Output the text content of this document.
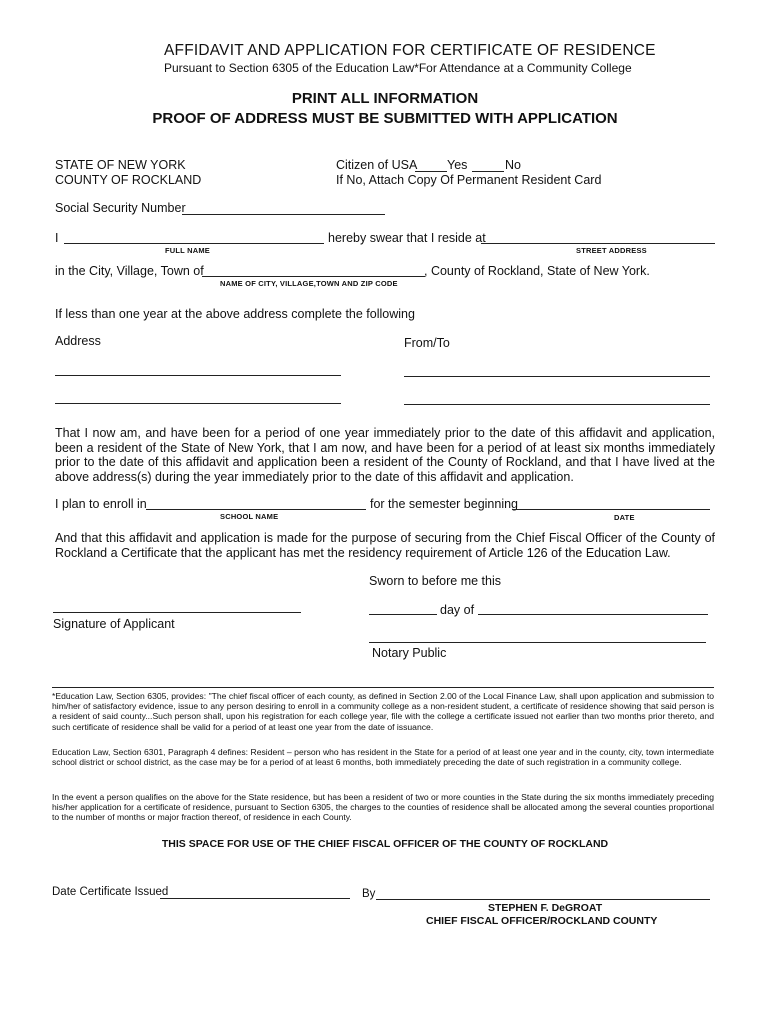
AFFIDAVIT AND APPLICATION FOR CERTIFICATE OF RESIDENCE
Pursuant to Section 6305 of the Education Law*For Attendance at a Community College
PRINT ALL INFORMATION
PROOF OF ADDRESS MUST BE SUBMITTED WITH APPLICATION
STATE OF NEW YORK
COUNTY OF ROCKLAND
Citizen of USA Yes	No
If No, Attach Copy Of Permanent Resident Card
Social Security Number
I
FULL NAME
hereby swear that I reside at
STREET ADDRESS
in the City, Village, Town of
NAME OF CITY, VILLAGE,TOWN AND ZIP CODE
, County of Rockland, State of New York.
If less than one year at the above address complete the following
Address	From/To
That I now am, and have been for a period of one year immediately prior to the date of this affidavit and application, been a resident of the State of New York, that I am now, and have been for a period of at least six months immediately prior to the date of this affidavit and application been a resident of the County of Rockland, and that I have lived at the above address(s) during the year immediately prior to the date of this affidavit and application.
I plan to enroll in
SCHOOL NAME
for the semester beginning
DATE
And that this affidavit and application is made for the purpose of securing from the Chief Fiscal Officer of the County of Rockland a Certificate that the applicant has met the residency requirement of Article 126 of the Education Law.
Sworn to before me this
day of
Signature of Applicant
Notary Public
*Education Law, Section 6305, provides: "The chief fiscal officer of each county, as defined in Section 2.00 of the Local Finance Law, shall upon application and submission to him/her of satisfactory evidence, issue to any person desiring to enroll in a community college as a non-resident student, a certificate of residence showing that said person is a resident of said county...Such person shall, upon his registration for each college year, file with the college a certificate issued not earlier than two months prior thereto, and such certificate of residence shall be valid for a period of at least one year from the date of issuance.
Education Law, Section 6301, Paragraph 4 defines: Resident – person who has resident in the State for a period of at least one year and in the county, city, town intermediate school district or school district, as the case may be for a period of at least 6 months, both immediately preceding the date of such registration in a community college.
In the event a person qualifies on the above for the State residence, but has been a resident of two or more counties in the State during the six months immediately preceding his/her application for a certificate of residence, pursuant to Section 6305, the charges to the counties of residence shall be allocated among the several counties proportional to the number of months or major fraction thereof, of residence in each County.
THIS SPACE FOR USE OF THE CHIEF FISCAL OFFICER OF THE COUNTY OF ROCKLAND
Date Certificate Issued	By
STEPHEN F. DeGROAT
CHIEF FISCAL OFFICER/ROCKLAND COUNTY
